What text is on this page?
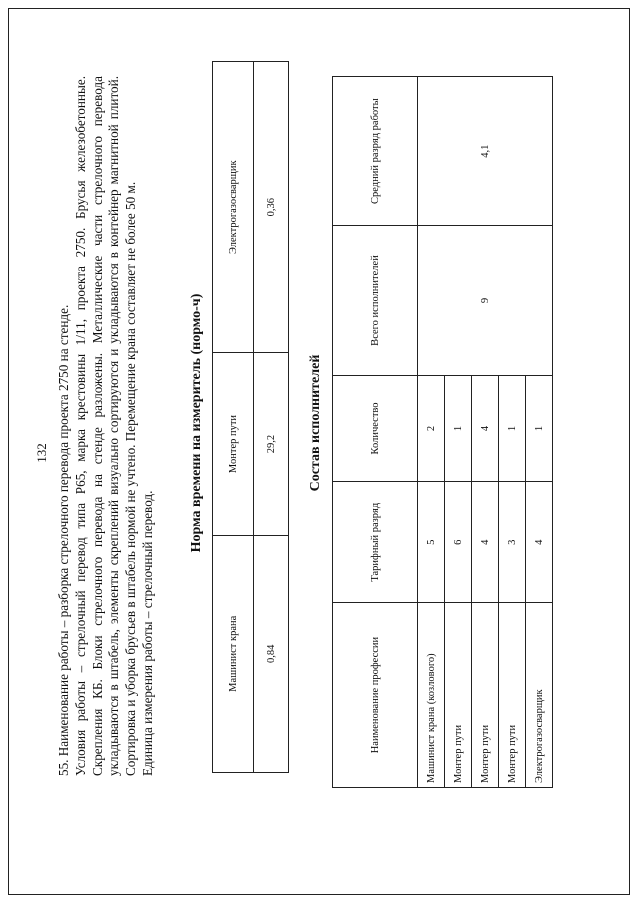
132 55. Наименование работы – разборка стрелочного перевода проекта 2750 на стенде. Условия работы – стрелочный перевод типа Р65, марка крестовины 1/11, проекта 2750. Брусья железобетонные. Скрепления КБ. Блоки стрелочного перевода на стенде разложены. Металлические части стрелочного перевода укладываются в штабель, элементы скреплений визуально сортируются и укладываются в контейнер магнитной плитой. Сортировка и уборка брусьев в штабель нормой не учтено. Перемещение крана составляет не более 50 м. Единица измерения работы – стрелочный перевод.

Норма времени на измеритель (нормо-ч)
Машинист крана	Монтер пути	Электрогазосварщик
0,84	29,2	0,36
Состав исполнителей
Наименование профессии	Тарифный разряд	Количество	Всего исполнителей	Средний разряд работы
Машинист крана (козлового)	5	2	9	4,1
Монтер пути	6	1		
Монтер пути	4	4		
Монтер пути	3	1		
Электрогазосварщик	4	1		
